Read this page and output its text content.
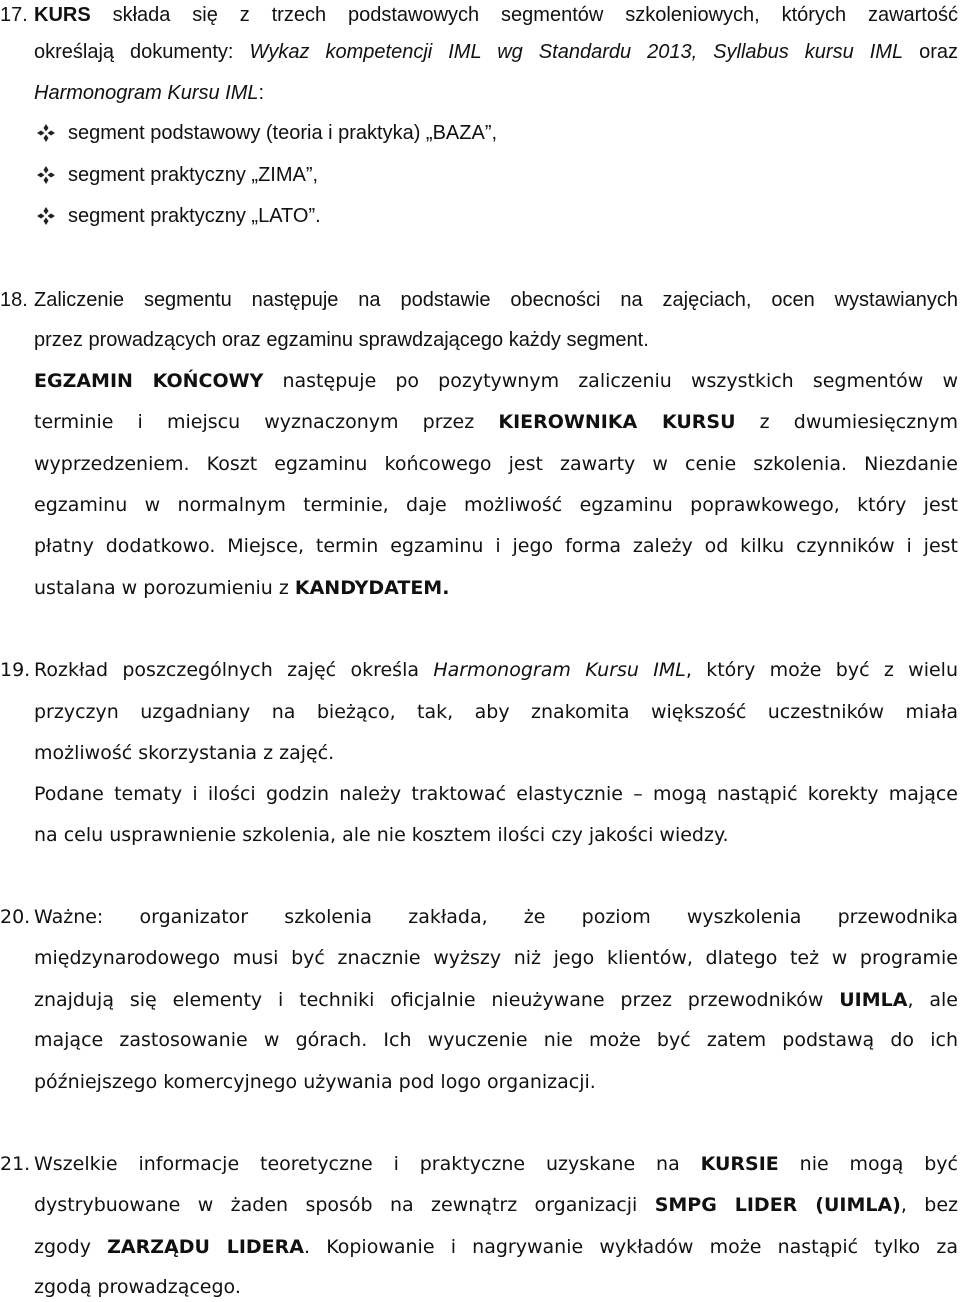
17. KURS składa się z trzech podstawowych segmentów szkoleniowych, których zawartość
określają dokumenty: Wykaz kompetencji IML wg Standardu 2013, Syllabus kursu IML oraz
Harmonogram Kursu IML:
segment podstawowy (teoria i praktyka) „BAZA”,
segment praktyczny „ZIMA”,
segment praktyczny „LATO”.
18. Zaliczenie segmentu następuje na podstawie obecności na zajęciach, ocen wystawianych
przez prowadzących oraz egzaminu sprawdzającego każdy segment.
EGZAMIN KOŃCOWY następuje po pozytywnym zaliczeniu wszystkich segmentów w
terminie i miejscu wyznaczonym przez KIEROWNIKA KURSU z dwumiesięcznym
wyprzedzeniem. Koszt egzaminu końcowego jest zawarty w cenie szkolenia. Niezdanie
egzaminu w normalnym terminie, daje możliwość egzaminu poprawkowego, który jest
płatny dodatkowo. Miejsce, termin egzaminu i jego forma zależy od kilku czynników i jest
ustalana w porozumieniu z KANDYDATEM.
19. Rozkład poszczególnych zajęć określa Harmonogram Kursu IML, który może być z wielu
przyczyn uzgadniany na bieżąco, tak, aby znakomita większość uczestników miała
możliwość skorzystania z zajęć.
Podane tematy i ilości godzin należy traktować elastycznie – mogą nastąpić korekty mające
na celu usprawnienie szkolenia, ale nie kosztem ilości czy jakości wiedzy.
20. Ważne: organizator szkolenia zakłada, że poziom wyszkolenia przewodnika
międzynarodowego musi być znacznie wyższy niż jego klientów, dlatego też w programie
znajdują się elementy i techniki oficjalnie nieużywane przez przewodników UIMLA, ale
mające zastosowanie w górach. Ich wyuczenie nie może być zatem podstawą do ich
późniejszego komercyjnego używania pod logo organizacji.
21. Wszelkie informacje teoretyczne i praktyczne uzyskane na KURSIE nie mogą być
dystrybuowane w żaden sposób na zewnątrz organizacji SMPG LIDER (UIMLA), bez
zgody ZARZĄDU LIDERA. Kopiowanie i nagrywanie wykładów może nastąpić tylko za
zgodą prowadzącego.
